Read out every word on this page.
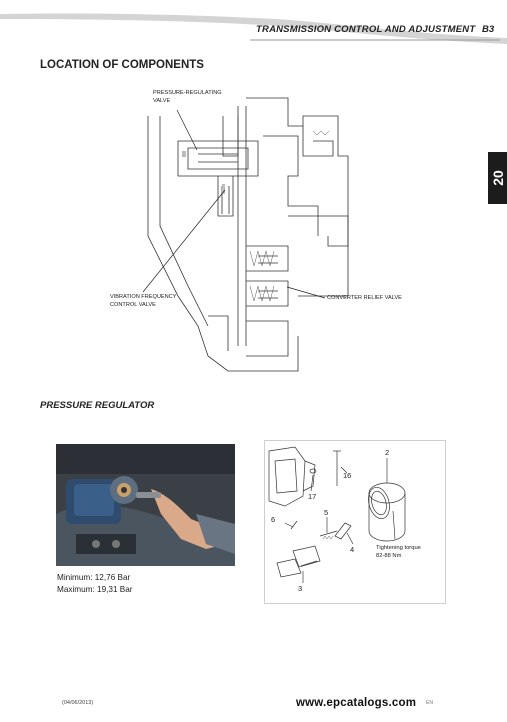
TRANSMISSION CONTROL AND ADJUSTMENT B3
20
LOCATION OF COMPONENTS
PRESSURE-REGULATING
VALVE
VIBRATION FREQUENCY
CONTROL VALVE
CONVERTER RELIEF VALVE
PRESSURE REGULATOR
Minimum: 12,76 Bar
Maximum: 19,31 Bar
2
16
17
6
5
4
3
Tightening torque
82-88 Nm
(04/06/2013)	www.epcatalogs.com EN
